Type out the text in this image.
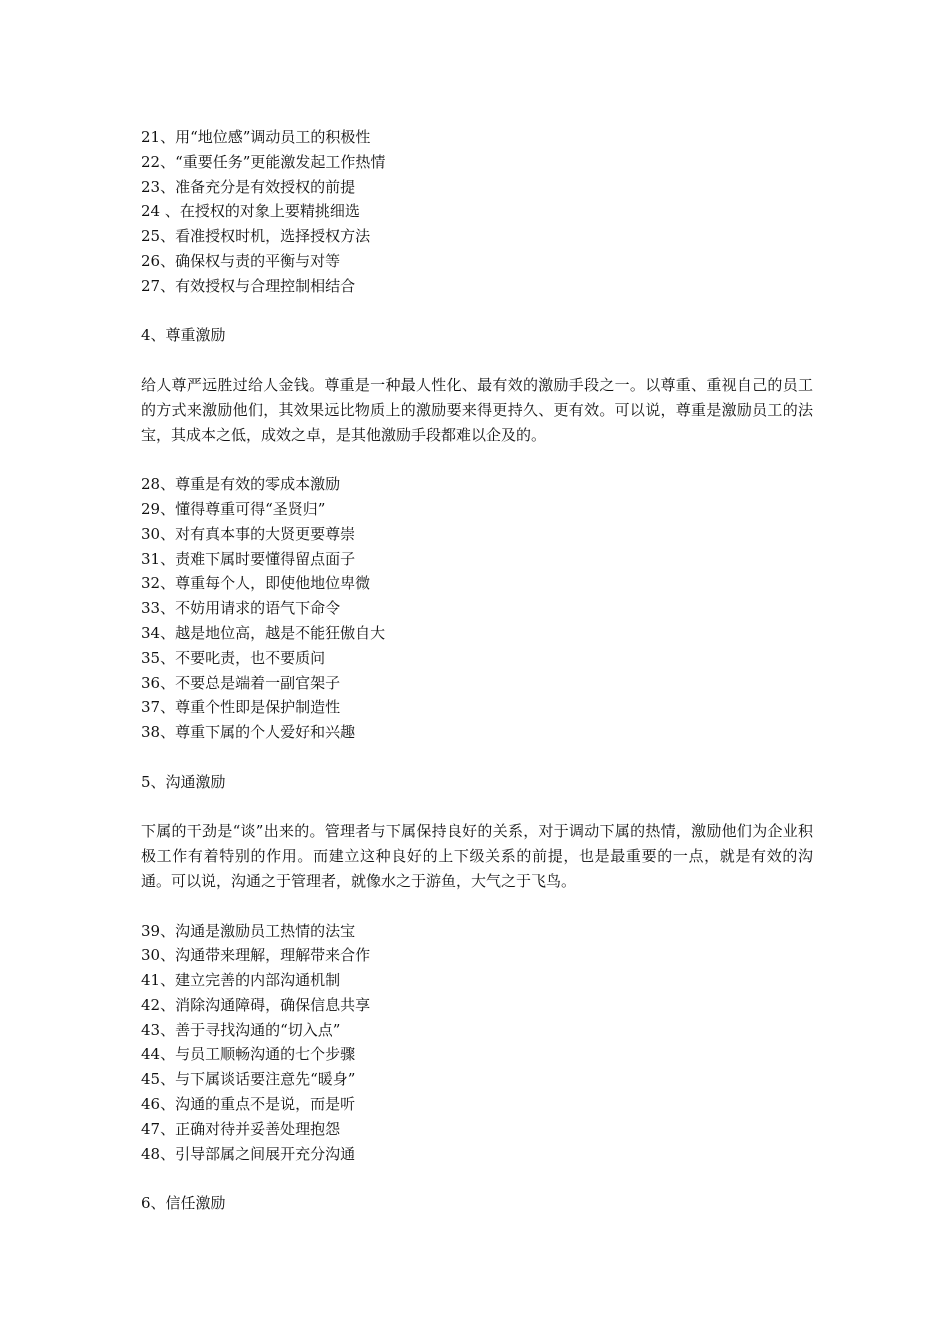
21、用“地位感”调动员工的积极性
22、“重要任务”更能激发起工作热情
23、准备充分是有效授权的前提
24 、在授权的对象上要精挑细选
25、看准授权时机，选择授权方法
26、确保权与责的平衡与对等
27、有效授权与合理控制相结合
4、尊重激励
给人尊严远胜过给人金钱。尊重是一种最人性化、最有效的激励手段之一。以尊重、重视自己的员工的方式来激励他们，其效果远比物质上的激励要来得更持久、更有效。可以说，尊重是激励员工的法宝，其成本之低，成效之卓，是其他激励手段都难以企及的。
28、尊重是有效的零成本激励
29、懂得尊重可得“圣贤归”
30、对有真本事的大贤更要尊崇
31、责难下属时要懂得留点面子
32、尊重每个人，即使他地位卑微
33、不妨用请求的语气下命令
34、越是地位高，越是不能狂傲自大
35、不要叱责，也不要质问
36、不要总是端着一副官架子
37、尊重个性即是保护制造性
38、尊重下属的个人爱好和兴趣
5、沟通激励
下属的干劲是“谈”出来的。管理者与下属保持良好的关系，对于调动下属的热情，激励他们为企业积极工作有着特别的作用。而建立这种良好的上下级关系的前提，也是最重要的一点，就是有效的沟通。可以说，沟通之于管理者，就像水之于游鱼，大气之于飞鸟。
39、沟通是激励员工热情的法宝
30、沟通带来理解，理解带来合作
41、建立完善的内部沟通机制
42、消除沟通障碍，确保信息共享
43、善于寻找沟通的“切入点”
44、与员工顺畅沟通的七个步骤
45、与下属谈话要注意先“暖身”
46、沟通的重点不是说，而是听
47、正确对待并妥善处理抱怨
48、引导部属之间展开充分沟通
6、信任激励
